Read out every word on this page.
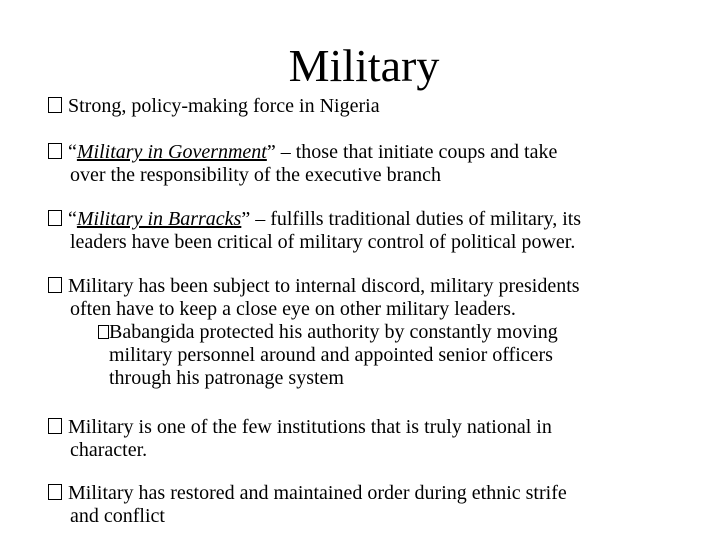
Military
Strong, policy-making force in Nigeria
“Military in Government” – those that initiate coups and take
over the responsibility of the executive branch
“Military in Barracks” – fulfills traditional duties of military, its
leaders have been critical of military control of political power.
Military has been subject to internal discord, military presidents
often have to keep a close eye on other military leaders.
Babangida protected his authority by constantly moving
military personnel around and appointed senior officers
through his patronage system
Military is one of the few institutions that is truly national in
character.
Military has restored and maintained order during ethnic strife
and conflict
